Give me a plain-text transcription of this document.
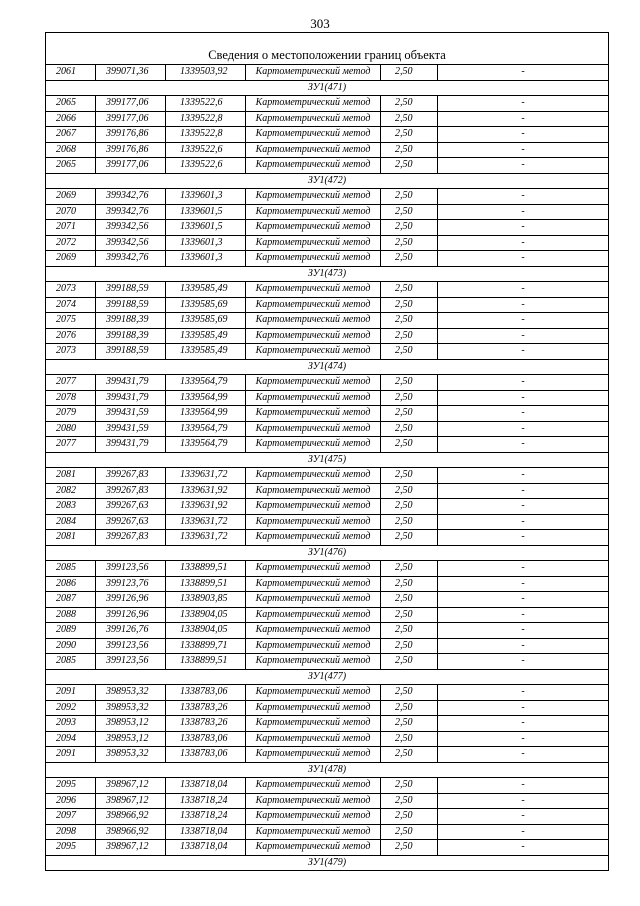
303
Сведения о местоположении границ объекта					
2061	399071,36	1339503,92	Картометрический метод	2,50	-
ЗУ1(471)					
2065	399177,06	1339522,6	Картометрический метод	2,50	-
2066	399177,06	1339522,8	Картометрический метод	2,50	-
2067	399176,86	1339522,8	Картометрический метод	2,50	-
2068	399176,86	1339522,6	Картометрический метод	2,50	-
2065	399177,06	1339522,6	Картометрический метод	2,50	-
ЗУ1(472)					
2069	399342,76	1339601,3	Картометрический метод	2,50	-
2070	399342,76	1339601,5	Картометрический метод	2,50	-
2071	399342,56	1339601,5	Картометрический метод	2,50	-
2072	399342,56	1339601,3	Картометрический метод	2,50	-
2069	399342,76	1339601,3	Картометрический метод	2,50	-
ЗУ1(473)					
2073	399188,59	1339585,49	Картометрический метод	2,50	-
2074	399188,59	1339585,69	Картометрический метод	2,50	-
2075	399188,39	1339585,69	Картометрический метод	2,50	-
2076	399188,39	1339585,49	Картометрический метод	2,50	-
2073	399188,59	1339585,49	Картометрический метод	2,50	-
ЗУ1(474)					
2077	399431,79	1339564,79	Картометрический метод	2,50	-
2078	399431,79	1339564,99	Картометрический метод	2,50	-
2079	399431,59	1339564,99	Картометрический метод	2,50	-
2080	399431,59	1339564,79	Картометрический метод	2,50	-
2077	399431,79	1339564,79	Картометрический метод	2,50	-
ЗУ1(475)					
2081	399267,83	1339631,72	Картометрический метод	2,50	-
2082	399267,83	1339631,92	Картометрический метод	2,50	-
2083	399267,63	1339631,92	Картометрический метод	2,50	-
2084	399267,63	1339631,72	Картометрический метод	2,50	-
2081	399267,83	1339631,72	Картометрический метод	2,50	-
ЗУ1(476)					
2085	399123,56	1338899,51	Картометрический метод	2,50	-
2086	399123,76	1338899,51	Картометрический метод	2,50	-
2087	399126,96	1338903,85	Картометрический метод	2,50	-
2088	399126,96	1338904,05	Картометрический метод	2,50	-
2089	399126,76	1338904,05	Картометрический метод	2,50	-
2090	399123,56	1338899,71	Картометрический метод	2,50	-
2085	399123,56	1338899,51	Картометрический метод	2,50	-
ЗУ1(477)					
2091	398953,32	1338783,06	Картометрический метод	2,50	-
2092	398953,32	1338783,26	Картометрический метод	2,50	-
2093	398953,12	1338783,26	Картометрический метод	2,50	-
2094	398953,12	1338783,06	Картометрический метод	2,50	-
2091	398953,32	1338783,06	Картометрический метод	2,50	-
ЗУ1(478)					
2095	398967,12	1338718,04	Картометрический метод	2,50	-
2096	398967,12	1338718,24	Картометрический метод	2,50	-
2097	398966,92	1338718,24	Картометрический метод	2,50	-
2098	398966,92	1338718,04	Картометрический метод	2,50	-
2095	398967,12	1338718,04	Картометрический метод	2,50	-
ЗУ1(479)					
